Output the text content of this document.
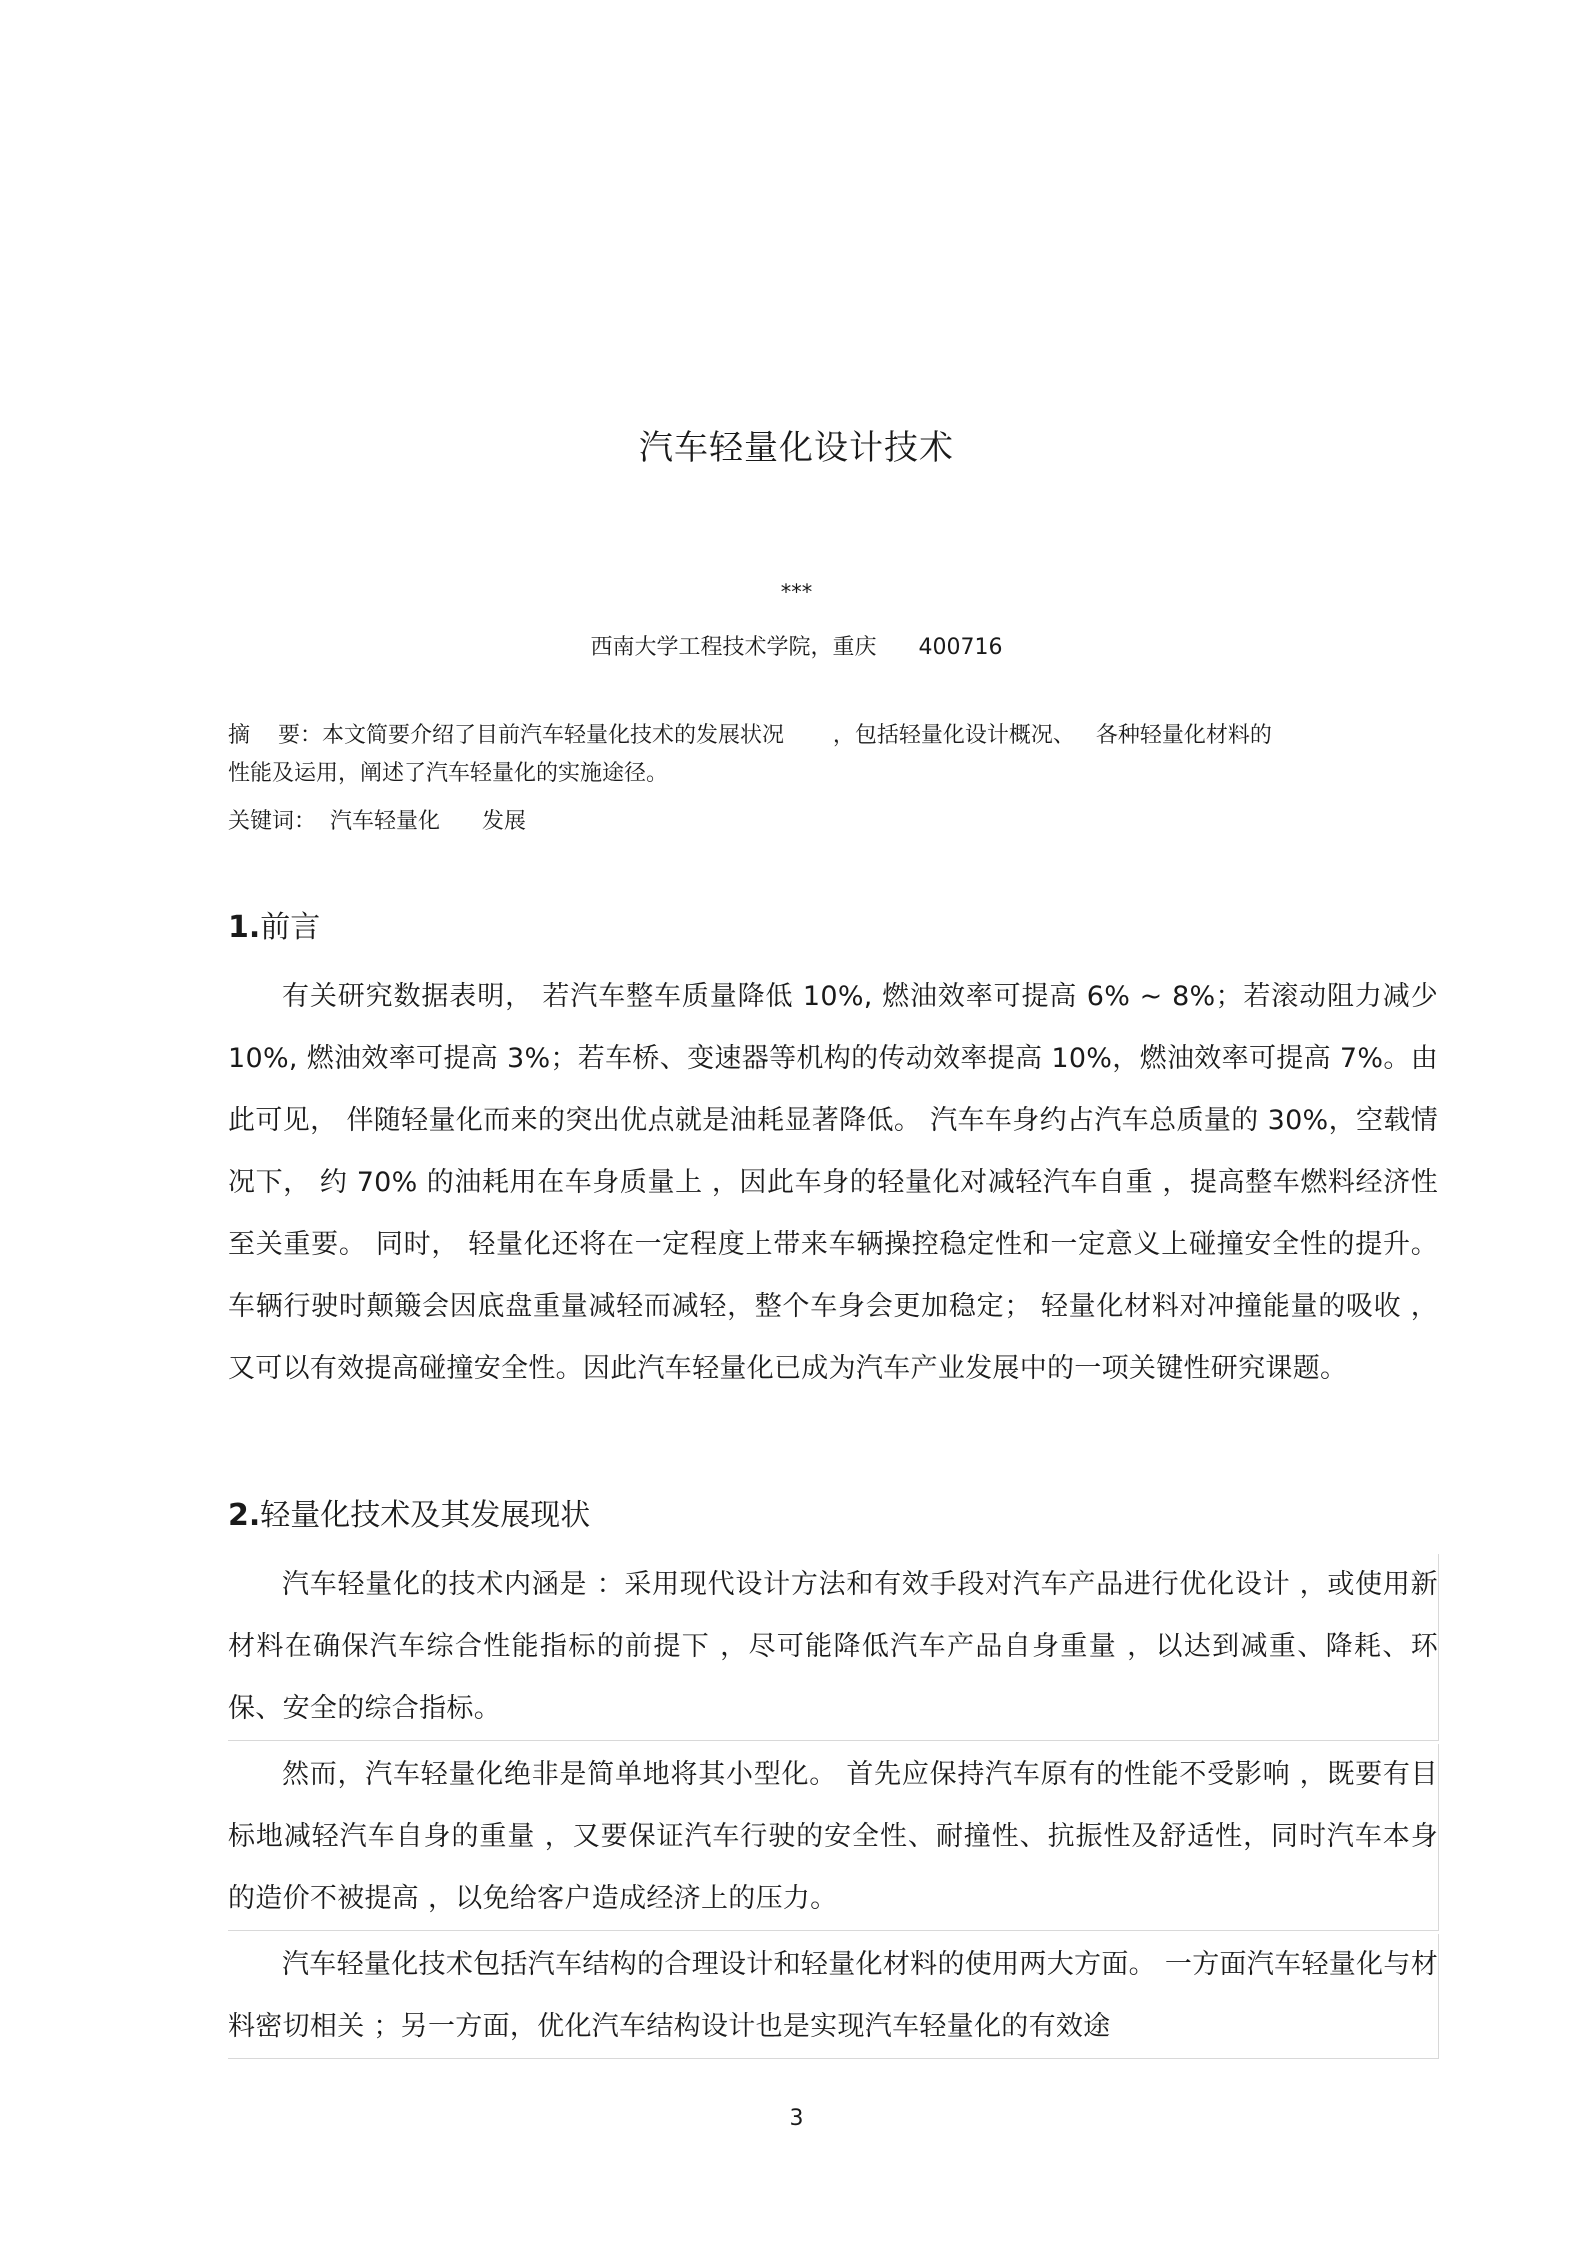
汽车轻量化设计技术
***
西南大学工程技术学院，重庆      400716
摘    要：本文简要介绍了目前汽车轻量化技术的发展状况       ，包括轻量化设计概况、   各种轻量化材料的
性能及运用，阐述了汽车轻量化的实施途径。
关键词：  汽车轻量化      发展
1.前言

有关研究数据表明， 若汽车整车质量降低 10%, 燃油效率可提高 6% ~ 8%；若滚动阻力减少 10%, 燃油效率可提高 3%；若车桥、变速器等机构的传动效率提高 10%，燃油效率可提高 7%。由此可见， 伴随轻量化而来的突出优点就是油耗显著降低。 汽车车身约占汽车总质量的 30%，空载情况下， 约 70% 的油耗用在车身质量上 ，因此车身的轻量化对减轻汽车自重 ，提高整车燃料经济性至关重要。 同时， 轻量化还将在一定程度上带来车辆操控稳定性和一定意义上碰撞安全性的提升。 车辆行驶时颠簸会因底盘重量减轻而减轻，整个车身会更加稳定； 轻量化材料对冲撞能量的吸收 ，又可以有效提高碰撞安全性。因此汽车轻量化已成为汽车产业发展中的一项关键性研究课题。

2.轻量化技术及其发展现状

汽车轻量化的技术内涵是 ：采用现代设计方法和有效手段对汽车产品进行优化设计 ，或使用新材料在确保汽车综合性能指标的前提下 ，尽可能降低汽车产品自身重量 ，以达到减重、降耗、环保、安全的综合指标。

然而，汽车轻量化绝非是简单地将其小型化。 首先应保持汽车原有的性能不受影响 ，既要有目标地减轻汽车自身的重量 ，又要保证汽车行驶的安全性、耐撞性、抗振性及舒适性，同时汽车本身的造价不被提高 ，以免给客户造成经济上的压力。

汽车轻量化技术包括汽车结构的合理设计和轻量化材料的使用两大方面。 一方面汽车轻量化与材料密切相关 ；另一方面，优化汽车结构设计也是实现汽车轻量化的有效途

3
